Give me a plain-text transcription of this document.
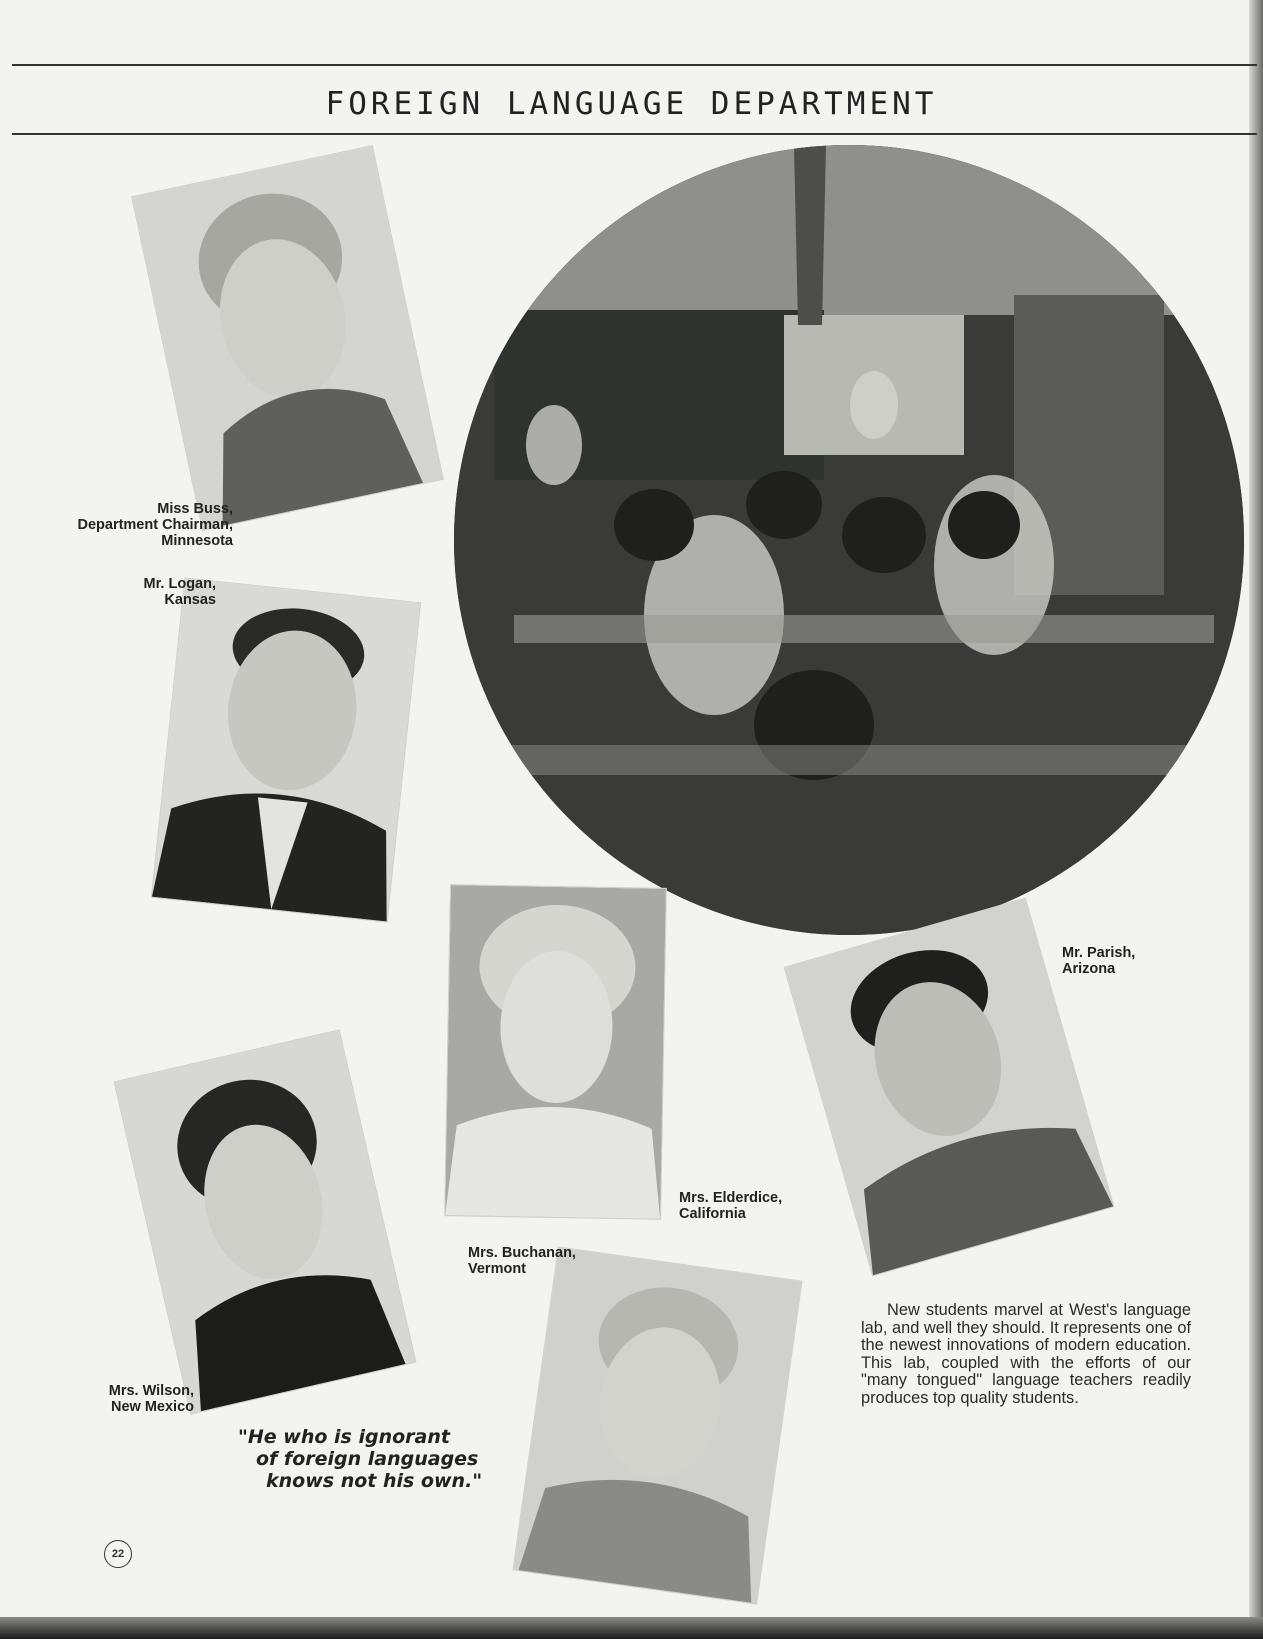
FOREIGN LANGUAGE DEPARTMENT
Miss Buss,
Department Chairman,
Minnesota
Mr. Logan,
Kansas
Mr. Parish,
Arizona
Mrs. Elderdice,
California
Mrs. Buchanan,
Vermont
Mrs. Wilson,
New Mexico
"He who is ignorant
of foreign languages
knows not his own."

New students marvel at West's language lab, and well they should. It represents one of the newest innovations of modern education. This lab, coupled with the efforts of our "many tongued" language teachers readily produces top quality students.

22
